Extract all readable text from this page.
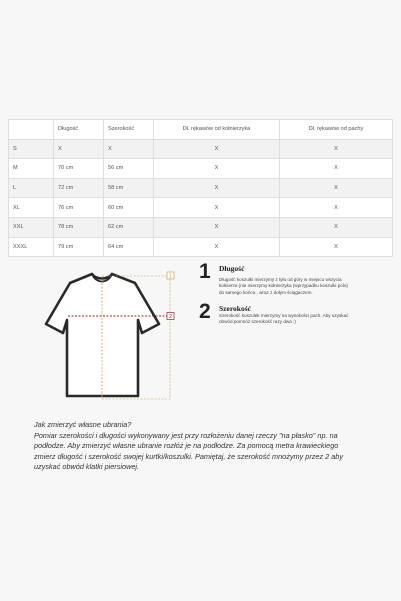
	Długość	Szerokość	Dł. rękawów od kołnierzyka	Dł. rękawów od pachy
S	X	X	X	X
M	70 cm	56 cm	X	X
L	72 cm	58 cm	X	X
XL	76 cm	60 cm	X	X
XXL	78 cm	62 cm	X	X
XXXL	79 cm	64 cm	X	X
1
2
1 Długość
Długość koszulki mierzymy z tyłu od góry w miejscu wszycia
kołnierza (nie mierzymy kołnierzyka (wprzypadku koszulki polo)
do samego końca , wraz z dołym ściągaczem.
2 Szerokość
Szerokość koszulek mierzymy na wysokości pach. Aby uzyskać
obwód pomnóż szerokość razy dwa :)

Jak zmierzyć własne ubrania?

Pomiar szerokości i długości wykonywany jest przy rozłożeniu danej rzeczy "na płasko" np. na

podłodze. Aby zmierzyć własne ubranie rozłóż je na podłodze. Za pomocą metra krawieckiego

zmierz długość i szerokość swojej kurtki/koszulki. Pamiętaj, że szerokość mnożymy przez 2 aby

uzyskać obwód klatki piersiowej.
